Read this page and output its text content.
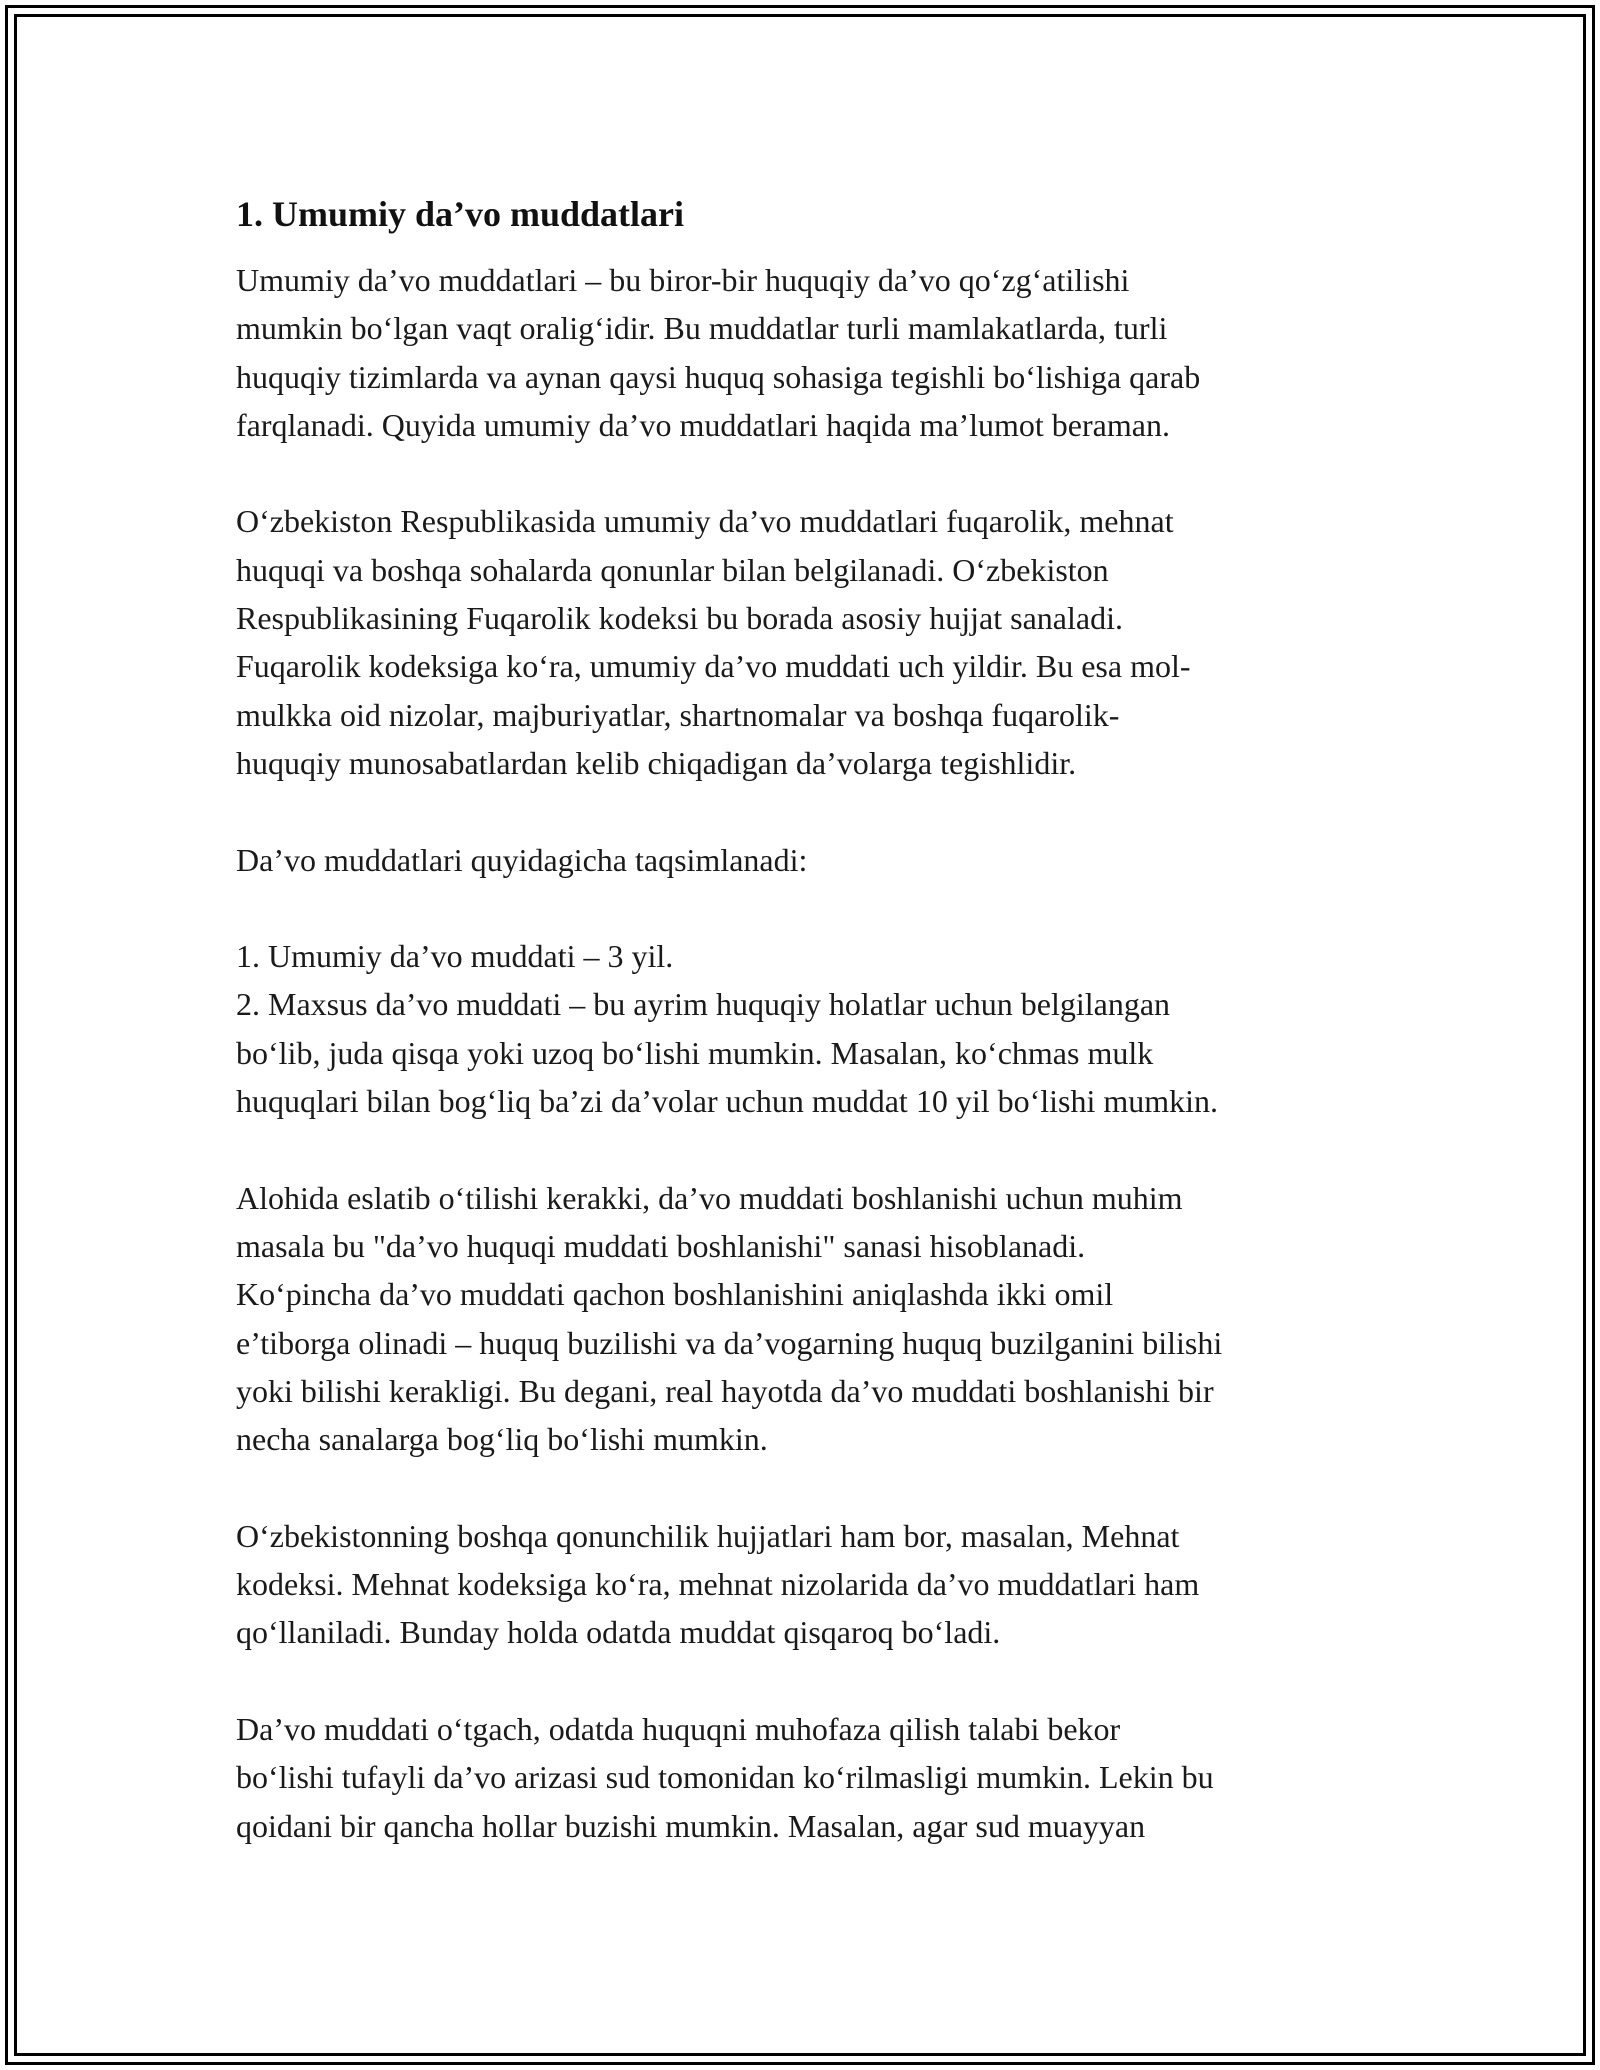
1. Umumiy da’vo muddatlari

Umumiy da’vo muddatlari – bu biror-bir huquqiy da’vo qo‘zg‘atilishi
mumkin bo‘lgan vaqt oralig‘idir. Bu muddatlar turli mamlakatlarda, turli
huquqiy tizimlarda va aynan qaysi huquq sohasiga tegishli bo‘lishiga qarab
farqlanadi. Quyida umumiy da’vo muddatlari haqida ma’lumot beraman.

O‘zbekiston Respublikasida umumiy da’vo muddatlari fuqarolik, mehnat
huquqi va boshqa sohalarda qonunlar bilan belgilanadi. O‘zbekiston
Respublikasining Fuqarolik kodeksi bu borada asosiy hujjat sanaladi.
Fuqarolik kodeksiga ko‘ra, umumiy da’vo muddati uch yildir. Bu esa mol-
mulkka oid nizolar, majburiyatlar, shartnomalar va boshqa fuqarolik-
huquqiy munosabatlardan kelib chiqadigan da’volarga tegishlidir.

Da’vo muddatlari quyidagicha taqsimlanadi:

1. Umumiy da’vo muddati – 3 yil.
2. Maxsus da’vo muddati – bu ayrim huquqiy holatlar uchun belgilangan
bo‘lib, juda qisqa yoki uzoq bo‘lishi mumkin. Masalan, ko‘chmas mulk
huquqlari bilan bog‘liq ba’zi da’volar uchun muddat 10 yil bo‘lishi mumkin.

Alohida eslatib o‘tilishi kerakki, da’vo muddati boshlanishi uchun muhim
masala bu "da’vo huquqi muddati boshlanishi" sanasi hisoblanadi.
Ko‘pincha da’vo muddati qachon boshlanishini aniqlashda ikki omil
e’tiborga olinadi – huquq buzilishi va da’vogarning huquq buzilganini bilishi
yoki bilishi kerakligi. Bu degani, real hayotda da’vo muddati boshlanishi bir
necha sanalarga bog‘liq bo‘lishi mumkin.

O‘zbekistonning boshqa qonunchilik hujjatlari ham bor, masalan, Mehnat
kodeksi. Mehnat kodeksiga ko‘ra, mehnat nizolarida da’vo muddatlari ham
qo‘llaniladi. Bunday holda odatda muddat qisqaroq bo‘ladi.

Da’vo muddati o‘tgach, odatda huquqni muhofaza qilish talabi bekor
bo‘lishi tufayli da’vo arizasi sud tomonidan ko‘rilmasligi mumkin. Lekin bu
qoidani bir qancha hollar buzishi mumkin. Masalan, agar sud muayyan
